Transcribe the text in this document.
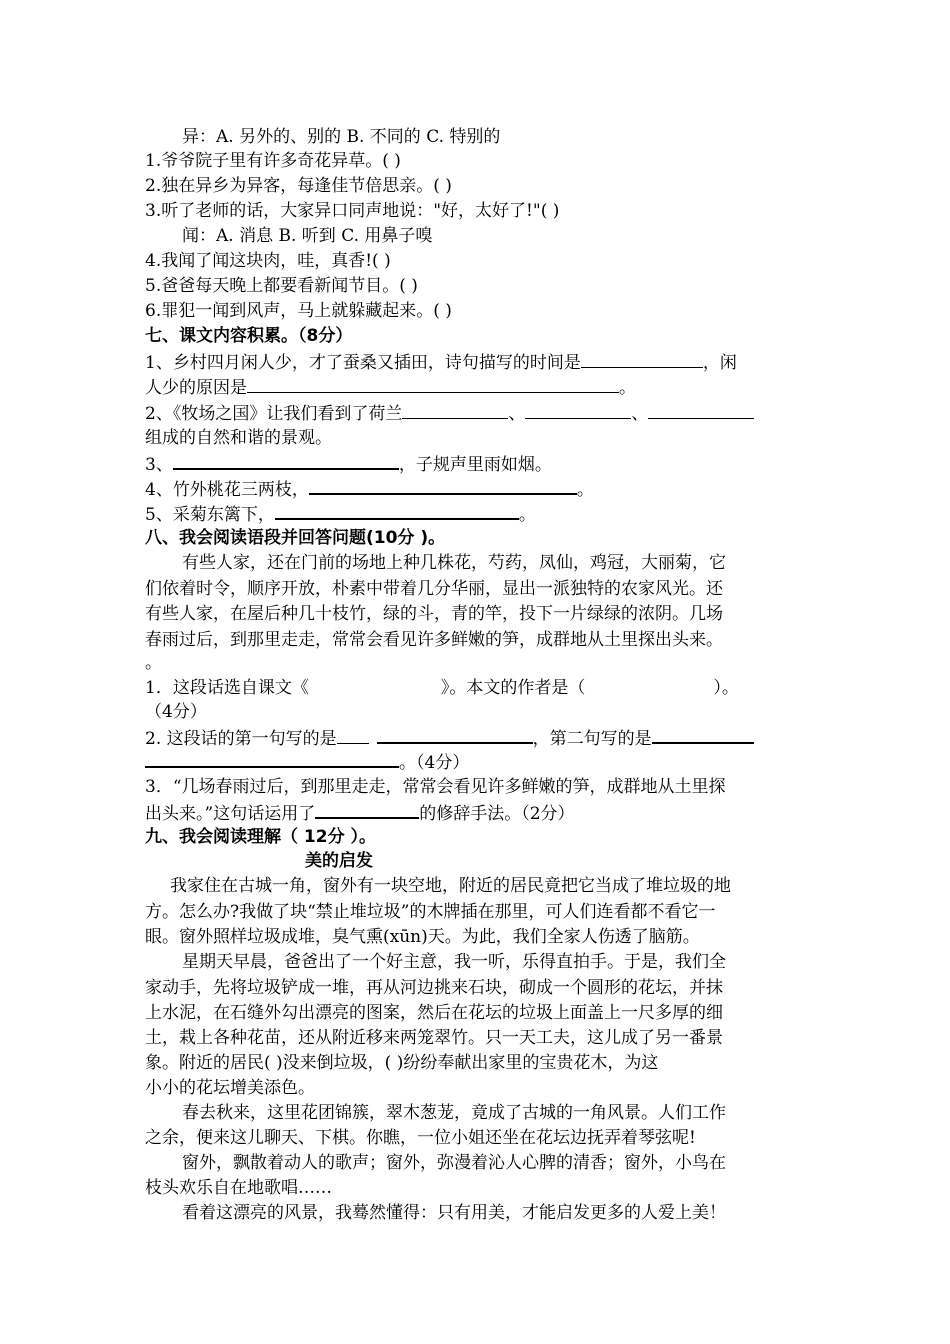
异：A. 另外的、别的 B. 不同的 C. 特别的
1.爷爷院子里有许多奇花异草。( )
2.独在异乡为异客，每逢佳节倍思亲。( )
3.听了老师的话，大家异口同声地说："好，太好了!"( )
闻：A. 消息 B. 听到 C. 用鼻子嗅
4.我闻了闻这块肉，哇，真香!( )
5.爸爸每天晚上都要看新闻节目。( )
6.罪犯一闻到风声，马上就躲藏起来。( )
七、课文内容积累。（8分）
1、乡村四月闲人少，才了蚕桑又插田，诗句描写的时间是	，闲
人少的原因是	。
2、《牧场之国》让我们看到了荷兰	、	、
组成的自然和谐的景观。
3、	，子规声里雨如烟。
4、竹外桃花三两枝，	。
5、采菊东篱下，	。
八、我会阅读语段并回答问题(10分 )。
有些人家，还在门前的场地上种几株花，芍药，凤仙，鸡冠，大丽菊，它
们依着时令，顺序开放，朴素中带着几分华丽，显出一派独特的农家风光。还
有些人家，在屋后种几十枝竹，绿的斗，青的竿，投下一片绿绿的浓阴。几场
春雨过后，到那里走走，常常会看见许多鲜嫩的笋，成群地从土里探出头来。
。
1．这段话选自课文《	》。本文的作者是（	）。
（4分）
2. 这段话的第一句写的是	，第二句写的是
。（4分）
3．“几场春雨过后，到那里走走，常常会看见许多鲜嫩的笋，成群地从土里探
出头来。”这句话运用了	的修辞手法。（2分）
九、我会阅读理解（ 12分 ）。
美的启发
我家住在古城一角，窗外有一块空地，附近的居民竟把它当成了堆垃圾的地
方。怎么办?我做了块“禁止堆垃圾”的木牌插在那里，可人们连看都不看它一
眼。窗外照样垃圾成堆，臭气熏(xūn)天。为此，我们全家人伤透了脑筋。
星期天早晨，爸爸出了一个好主意，我一听，乐得直拍手。于是，我们全
家动手，先将垃圾铲成一堆，再从河边挑来石块，砌成一个圆形的花坛，并抹
上水泥，在石缝外勾出漂亮的图案，然后在花坛的垃圾上面盖上一尺多厚的细
土，栽上各种花苗，还从附近移来两笼翠竹。只一天工夫，这儿成了另一番景
象。附近的居民( )没来倒垃圾，( )纷纷奉献出家里的宝贵花木，为这
小小的花坛增美添色。
春去秋来，这里花团锦簇，翠木葱茏，竟成了古城的一角风景。人们工作
之余，便来这儿聊天、下棋。你瞧，一位小姐还坐在花坛边抚弄着琴弦呢!
窗外，飘散着动人的歌声；窗外，弥漫着沁人心脾的清香；窗外，小鸟在
枝头欢乐自在地歌唱……
看着这漂亮的风景，我蓦然懂得：只有用美，才能启发更多的人爱上美！
